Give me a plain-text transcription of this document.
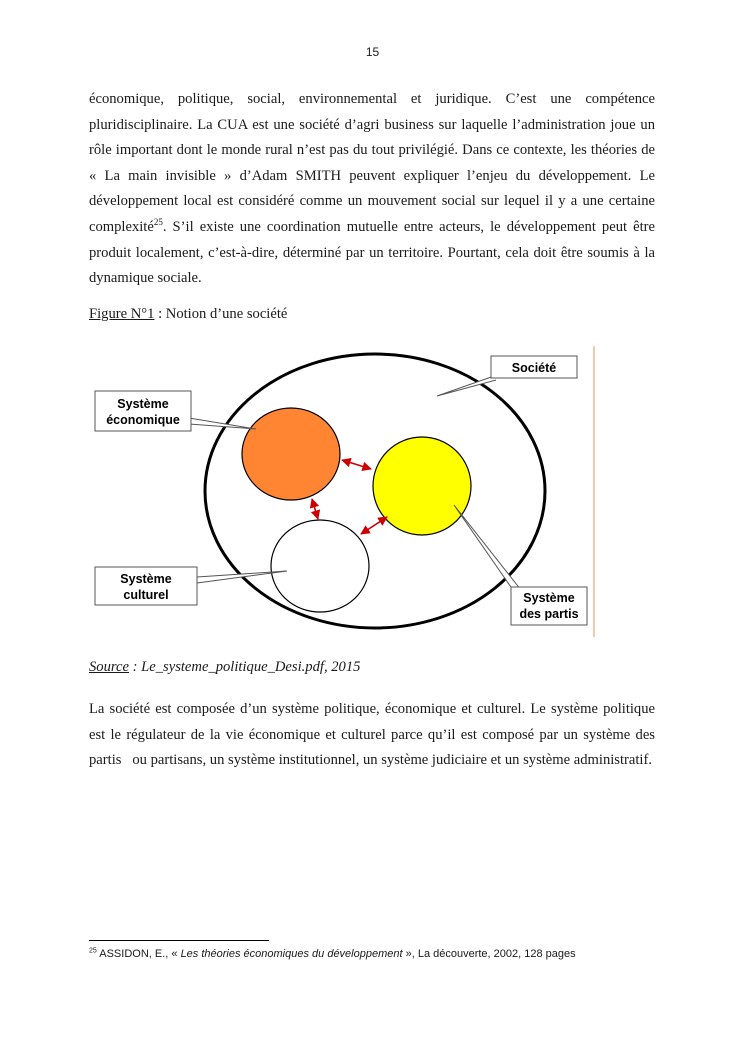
15

économique, politique, social, environnemental et juridique. C’est une compétence pluridisciplinaire. La CUA est une société d’agri business sur laquelle l’administration joue un rôle important dont le monde rural n’est pas du tout privilégié. Dans ce contexte, les théories de « La main invisible » d’Adam SMITH peuvent expliquer l’enjeu du développement. Le développement local est considéré comme un mouvement social sur lequel il y a une certaine complexité$^{25}$. S’il existe une coordination mutuelle entre acteurs, le développement peut être produit localement, c’est-à-dire, déterminé par un territoire. Pourtant, cela doit être soumis à la dynamique sociale.

Figure N°1 : Notion d’une société

Société
Système
économique
Système
culturel	Système
des partis

Source : Le_systeme_politique_Desi.pdf, 2015

La société est composée d’un système politique, économique et culturel. Le système politique est le régulateur de la vie économique et culturel parce qu’il est composé par un système des partis   ou partisans, un système institutionnel, un système judiciaire et un système administratif.

$^{25}$ ASSIDON, E., « Les théories économiques du développement », La découverte, 2002, 128 pages
